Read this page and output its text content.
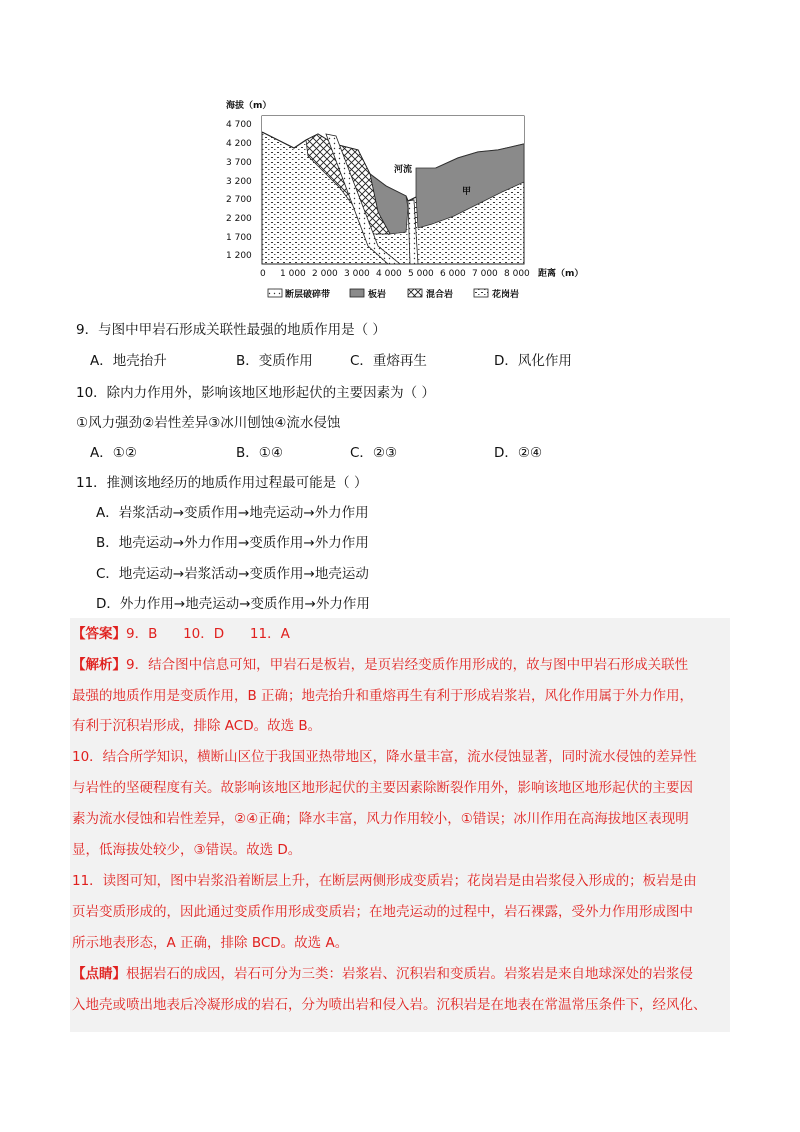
海拔（m）
4 700
4 200
3 700
3 200
2 700
2 200
1 700
1 200
河流
甲
0 1 000 2 000 3 000 4 000 5 000 6 000 7 000 8 000 距离（m）
断层破碎带	板岩	混合岩	花岗岩
9．与图中甲岩石形成关联性最强的地质作用是（ ）
A．地壳抬升	B．变质作用	C．重熔再生	D．风化作用
10．除内力作用外，影响该地区地形起伏的主要因素为（ ）
①风力强劲②岩性差异③冰川刨蚀④流水侵蚀
A．①②	B．①④	C．②③	D．②④
11．推测该地经历的地质作用过程最可能是（ ）
A．岩浆活动→变质作用→地壳运动→外力作用
B．地壳运动→外力作用→变质作用→外力作用
C．地壳运动→岩浆活动→变质作用→地壳运动
D．外力作用→地壳运动→变质作用→外力作用
【答案】9．B      10．D      11．A
【解析】9．结合图中信息可知，甲岩石是板岩，是页岩经变质作用形成的，故与图中甲岩石形成关联性
最强的地质作用是变质作用，B 正确；地壳抬升和重熔再生有利于形成岩浆岩，风化作用属于外力作用，
有利于沉积岩形成，排除 ACD。故选 B。
10．结合所学知识，横断山区位于我国亚热带地区，降水量丰富，流水侵蚀显著，同时流水侵蚀的差异性
与岩性的坚硬程度有关。故影响该地区地形起伏的主要因素除断裂作用外，影响该地区地形起伏的主要因
素为流水侵蚀和岩性差异，②④正确；降水丰富，风力作用较小，①错误；冰川作用在高海拔地区表现明
显，低海拔处较少，③错误。故选 D。
11．读图可知，图中岩浆沿着断层上升，在断层两侧形成变质岩；花岗岩是由岩浆侵入形成的；板岩是由
页岩变质形成的，因此通过变质作用形成变质岩；在地壳运动的过程中，岩石裸露，受外力作用形成图中
所示地表形态，A 正确，排除 BCD。故选 A。
【点睛】根据岩石的成因，岩石可分为三类：岩浆岩、沉积岩和变质岩。岩浆岩是来自地球深处的岩浆侵
入地壳或喷出地表后冷凝形成的岩石，分为喷出岩和侵入岩。沉积岩是在地表在常温常压条件下，经风化、
